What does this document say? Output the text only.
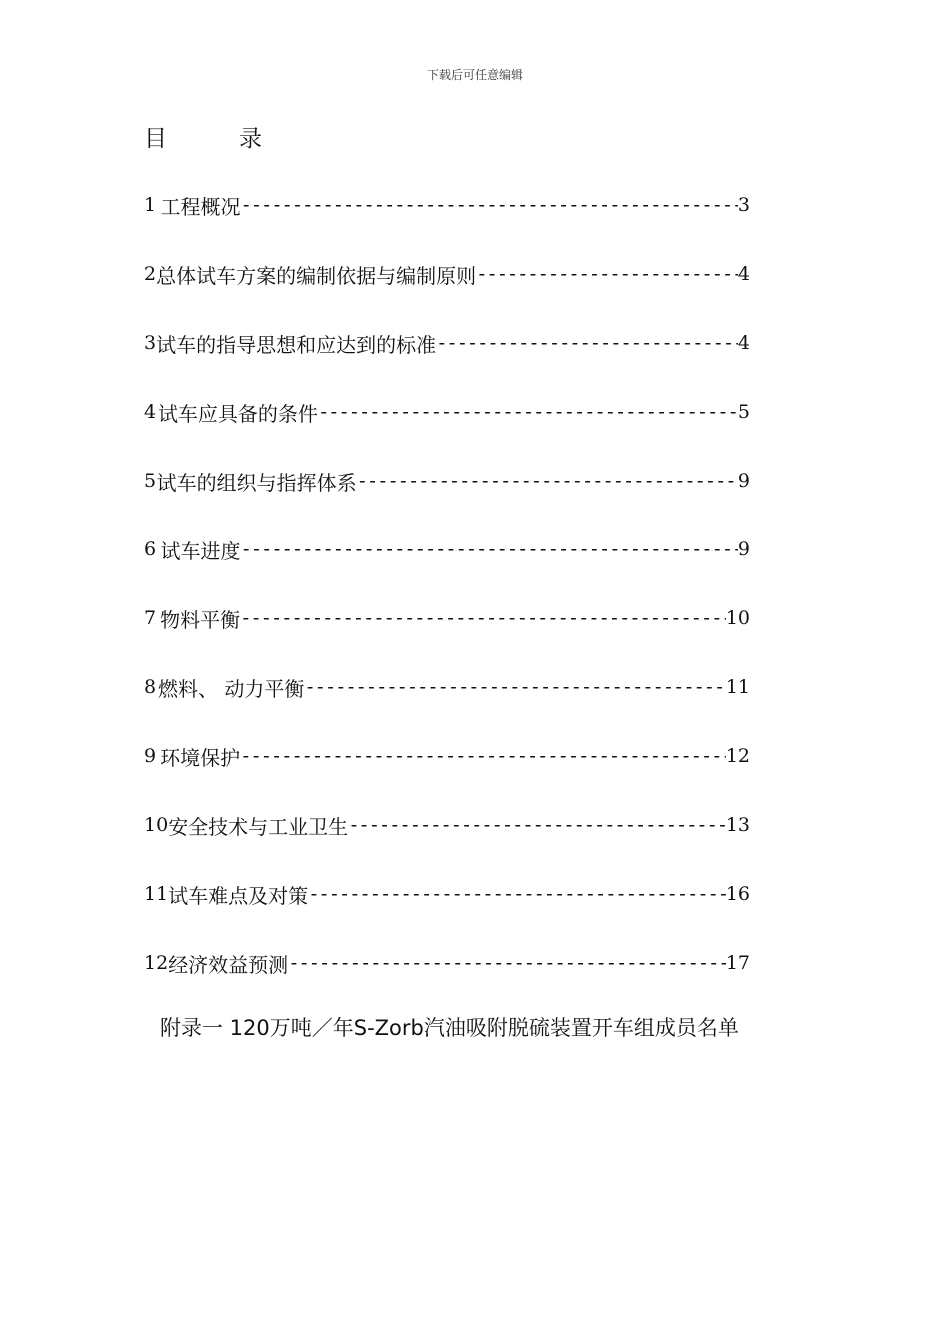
下载后可任意编辑
目	录
1 工程概况 -----	3
2 总体试车方案的编制依据与编制原则 -----	4
3 试车的指导思想和应达到的标准 -----	4
4 试车应具备的条件 -----	5
5 试车的组织与指挥体系 -----	9
6 试车进度 -----	9
7 物料平衡 -----	10
8 燃料、 动力平衡 -----	11
9 环境保护 -----	12
10 安全技术与工业卫生 -----	13
11 试车难点及对策 -----	16
12 经济效益预测 -----	17
附录一 120万吨／年S-Zorb汽油吸附脱硫装置开车组成员名单
